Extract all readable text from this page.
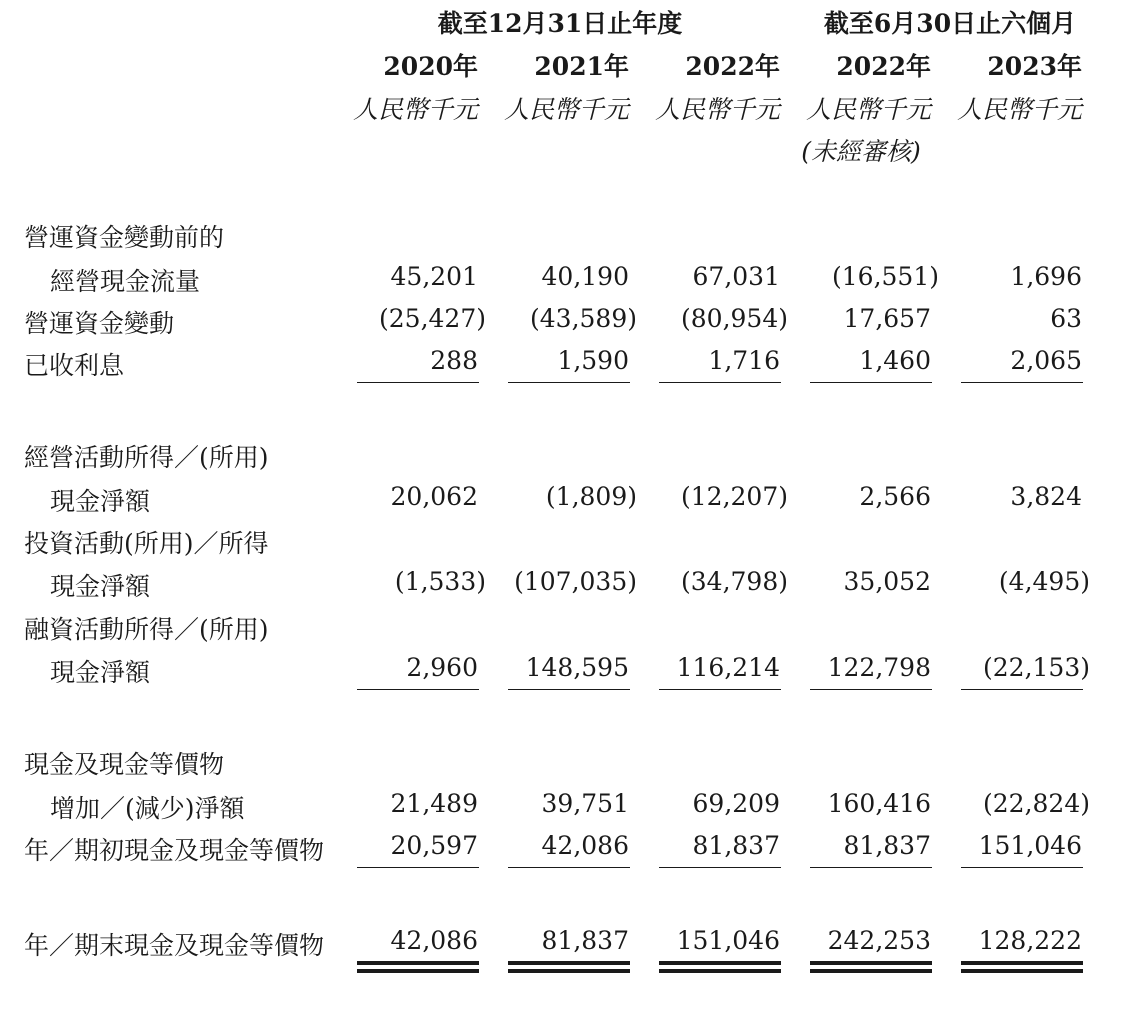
截至12月31日止年度	截至6月30日止六個月
2020年	2021年	2022年	2022年	2023年
人民幣千元	人民幣千元	人民幣千元	人民幣千元	人民幣千元
(未經審核)
營運資金變動前的
經營現金流量	45,201	40,190	67,031	(16,551)	1,696
營運資金變動	(25,427)	(43,589)	(80,954)	17,657	63
已收利息	288	1,590	1,716	1,460	2,065
經營活動所得／(所用)
現金淨額	20,062	(1,809)	(12,207)	2,566	3,824
投資活動(所用)／所得
現金淨額	(1,533)	(107,035)	(34,798)	35,052	(4,495)
融資活動所得／(所用)
現金淨額	2,960	148,595	116,214	122,798	(22,153)
現金及現金等價物
增加／(減少)淨額	21,489	39,751	69,209	160,416	(22,824)
年／期初現金及現金等價物	20,597	42,086	81,837	81,837	151,046
年／期末現金及現金等價物	42,086	81,837	151,046	242,253	128,222
